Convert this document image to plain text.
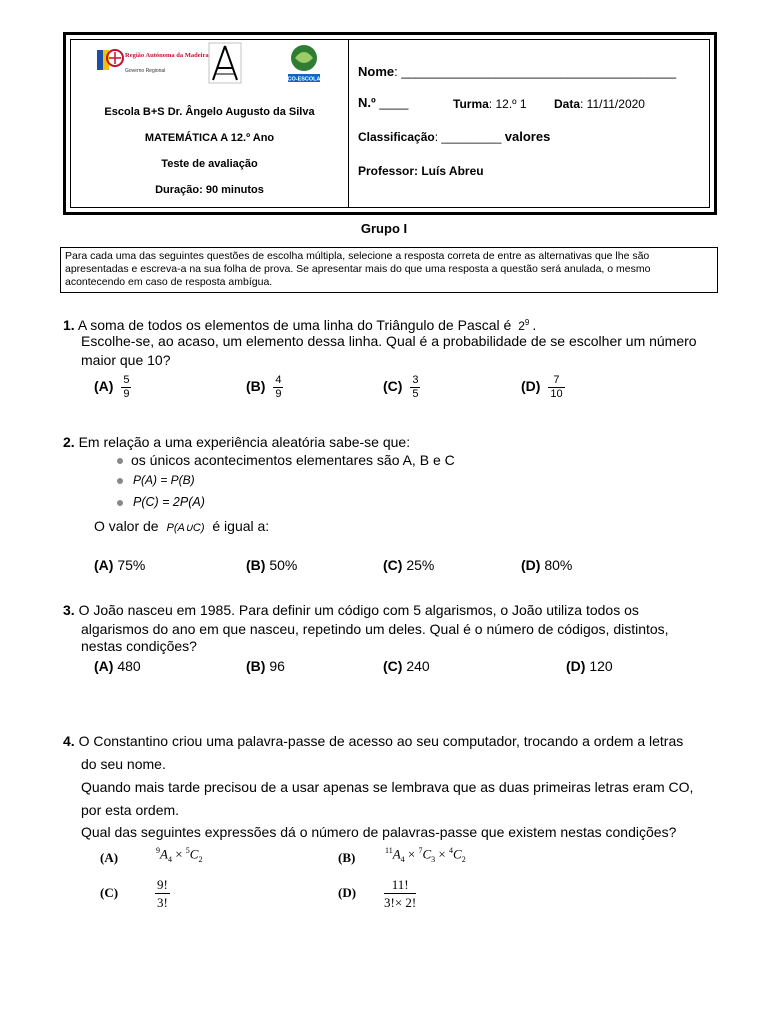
Região Autónoma da Madeira
Governo Regional
ECO-ESCOLAS
Escola B+S Dr. Ângelo Augusto da Silva
MATEMÁTICA A 12.º Ano
Teste de avaliação
Duração: 90 minutos
Nome: ______________________________________
N.º ____	Turma: 12.º 1 Data: 11/11/2020
Classificação: _________ valores
Professor: Luís Abreu
Grupo I
Para cada uma das seguintes questões de escolha múltipla, selecione a resposta correta de entre as alternativas que lhe são apresentadas e escreva-a na sua folha de prova. Se apresentar mais do que uma resposta a questão será anulada, o mesmo acontecendo em caso de resposta ambígua.
1. A soma de todos os elementos de uma linha do Triângulo de Pascal é $2^9$ .
Escolhe-se, ao acaso, um elemento dessa linha. Qual é a probabilidade de se escolher um número
maior que 10?
$(A) \frac{5}{9}$	$(B) \frac{4}{9}$	$(C) \frac{3}{5}$	$(D) \frac{7}{10}$
2. Em relação a uma experiência aleatória sabe-se que:
os únicos acontecimentos elementares são A, B e C
P(A) = P(B)
P(C) = 2P(A)
O valor de P(A∪C) é igual a:
(A) 75%	(B) 50%	(C) 25%	(D) 80%
3. O João nasceu em 1985. Para definir um código com 5 algarismos, o João utiliza todos os
algarismos do ano em que nasceu, repetindo um deles. Qual é o número de códigos, distintos,
nestas condições?
(A) 480	(B) 96	(C) 240	(D) 120
4. O Constantino criou uma palavra-passe de acesso ao seu computador, trocando a ordem a letras
do seu nome.
Quando mais tarde precisou de a usar apenas se lembrava que as duas primeiras letras eram CO,
por esta ordem.
Qual das seguintes expressões dá o número de palavras-passe que existem nestas condições?
(A)	$^9A_4 \times ^5C_2$	(B)	$^{11}A_4 \times ^7C_3 \times ^4C_2$
(C)	$\frac{9!}{3!}$	$(D) \frac{11!}{3!\times 2!}$
